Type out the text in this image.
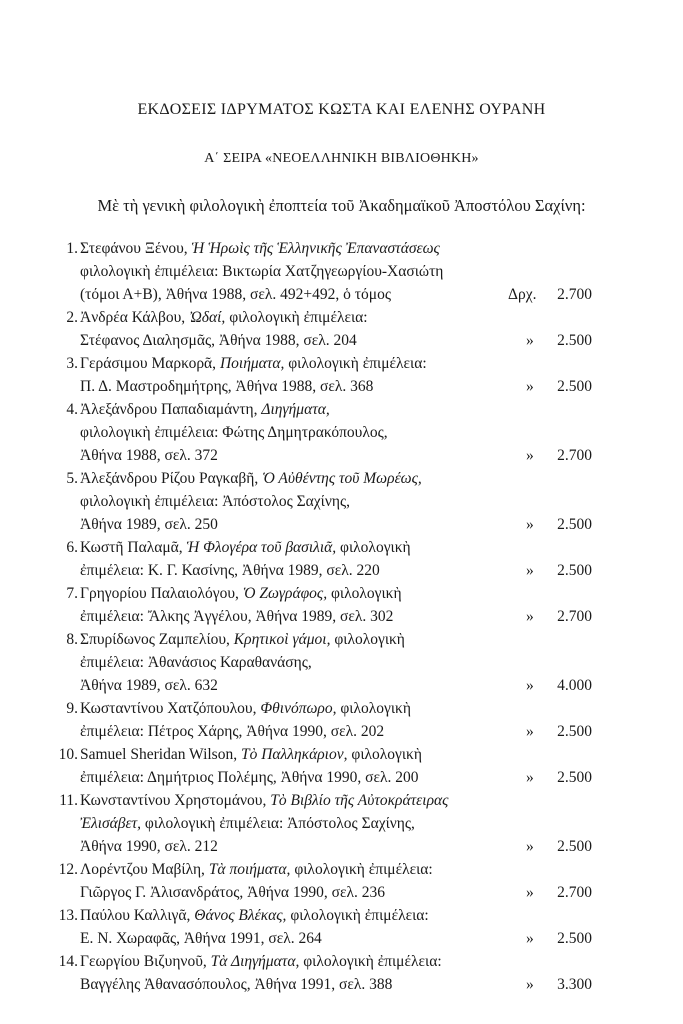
ΕΚΔΟΣΕΙΣ ΙΔΡΥΜΑΤΟΣ ΚΩΣΤΑ ΚΑΙ ΕΛΕΝΗΣ ΟΥΡΑΝΗ
Α΄ ΣΕΙΡΑ «ΝΕΟΕΛΛΗΝΙΚΗ ΒΙΒΛΙΟΘΗΚΗ»
Μὲ τὴ γενικὴ φιλολογικὴ ἐποπτεία τοῦ Ἀκαδημαϊκοῦ Ἀποστόλου Σαχίνη:
1. Στεφάνου Ξένου, Ἡ Ἡρωὶς τῆς Ἑλληνικῆς Ἐπαναστάσεως
φιλολογικὴ ἐπιμέλεια: Βικτωρία Χατζηγεωργίου-Χασιώτη
(τόμοι Α+Β), Ἀθήνα 1988, σελ. 492+492, ὁ τόμος	Δρχ. 2.700
2. Ἀνδρέα Κάλβου, Ὠδαί, φιλολογικὴ ἐπιμέλεια:
Στέφανος Διαλησμᾶς, Ἀθήνα 1988, σελ. 204	» 2.500
3. Γεράσιμου Μαρκορᾶ, Ποιήματα, φιλολογικὴ ἐπιμέλεια:
Π. Δ. Μαστροδημήτρης, Ἀθήνα 1988, σελ. 368	» 2.500
4. Ἀλεξάνδρου Παπαδιαμάντη, Διηγήματα,
φιλολογικὴ ἐπιμέλεια: Φώτης Δημητρακόπουλος,
Ἀθήνα 1988, σελ. 372	» 2.700
5. Ἀλεξάνδρου Ρίζου Ραγκαβῆ, Ὁ Αὐθέντης τοῦ Μωρέως,
φιλολογικὴ ἐπιμέλεια: Ἀπόστολος Σαχίνης,
Ἀθήνα 1989, σελ. 250	» 2.500
6. Κωστῆ Παλαμᾶ, Ἡ Φλογέρα τοῦ βασιλιᾶ, φιλολογικὴ
ἐπιμέλεια: Κ. Γ. Κασίνης, Ἀθήνα 1989, σελ. 220	» 2.500
7. Γρηγορίου Παλαιολόγου, Ὁ Ζωγράφος, φιλολογικὴ
ἐπιμέλεια: Ἄλκης Ἀγγέλου, Ἀθήνα 1989, σελ. 302	» 2.700
8. Σπυρίδωνος Ζαμπελίου, Κρητικοὶ γάμοι, φιλολογικὴ
ἐπιμέλεια: Ἀθανάσιος Καραθανάσης,
Ἀθήνα 1989, σελ. 632	» 4.000
9. Κωσταντίνου Χατζόπουλου, Φθινόπωρο, φιλολογικὴ
ἐπιμέλεια: Πέτρος Χάρης, Ἀθήνα 1990, σελ. 202	» 2.500
10. Samuel Sheridan Wilson, Τὸ Παλληκάριον, φιλολογικὴ
ἐπιμέλεια: Δημήτριος Πολέμης, Ἀθήνα 1990, σελ. 200	» 2.500
11. Κωνσταντίνου Χρηστομάνου, Τὸ Βιβλίο τῆς Αὐτοκράτειρας
Ἐλισάβετ, φιλολογικὴ ἐπιμέλεια: Ἀπόστολος Σαχίνης,
Ἀθήνα 1990, σελ. 212	» 2.500
12. Λορέντζου Μαβίλη, Τὰ ποιήματα, φιλολογικὴ ἐπιμέλεια:
Γιῶργος Γ. Ἀλισανδράτος, Ἀθήνα 1990, σελ. 236	» 2.700
13. Παύλου Καλλιγᾶ, Θάνος Βλέκας, φιλολογικὴ ἐπιμέλεια:
Ε. Ν. Χωραφᾶς, Ἀθήνα 1991, σελ. 264	» 2.500
14. Γεωργίου Βιζυηνοῦ, Τὰ Διηγήματα, φιλολογικὴ ἐπιμέλεια:
Βαγγέλης Ἀθανασόπουλος, Ἀθήνα 1991, σελ. 388	» 3.300
